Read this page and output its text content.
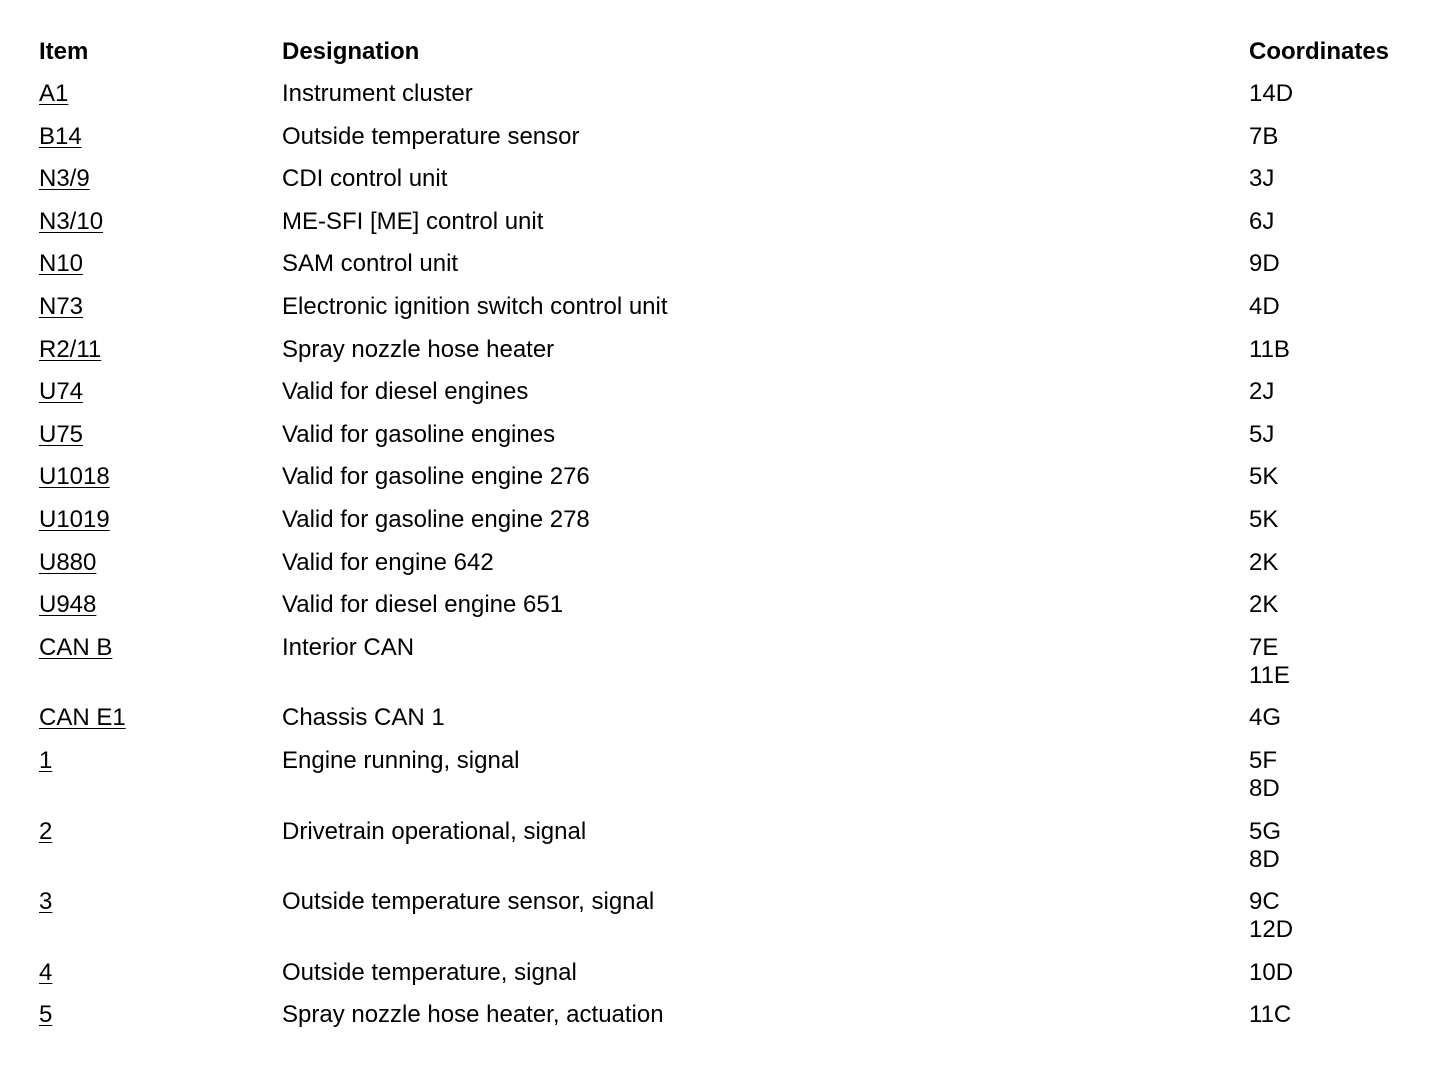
Item	Designation	Coordinates
A1	Instrument cluster	14D
B14	Outside temperature sensor	7B
N3/9	CDI control unit	3J
N3/10	ME-SFI [ME] control unit	6J
N10	SAM control unit	9D
N73	Electronic ignition switch control unit	4D
R2/11	Spray nozzle hose heater	11B
U74	Valid for diesel engines	2J
U75	Valid for gasoline engines	5J
U1018	Valid for gasoline engine 276	5K
U1019	Valid for gasoline engine 278	5K
U880	Valid for engine 642	2K
U948	Valid for diesel engine 651	2K
CAN B	Interior CAN	7E
11E
CAN E1	Chassis CAN 1	4G
1	Engine running, signal	5F
8D
2	Drivetrain operational, signal	5G
8D
3	Outside temperature sensor, signal	9C
12D
4	Outside temperature, signal	10D
5	Spray nozzle hose heater, actuation	11C
